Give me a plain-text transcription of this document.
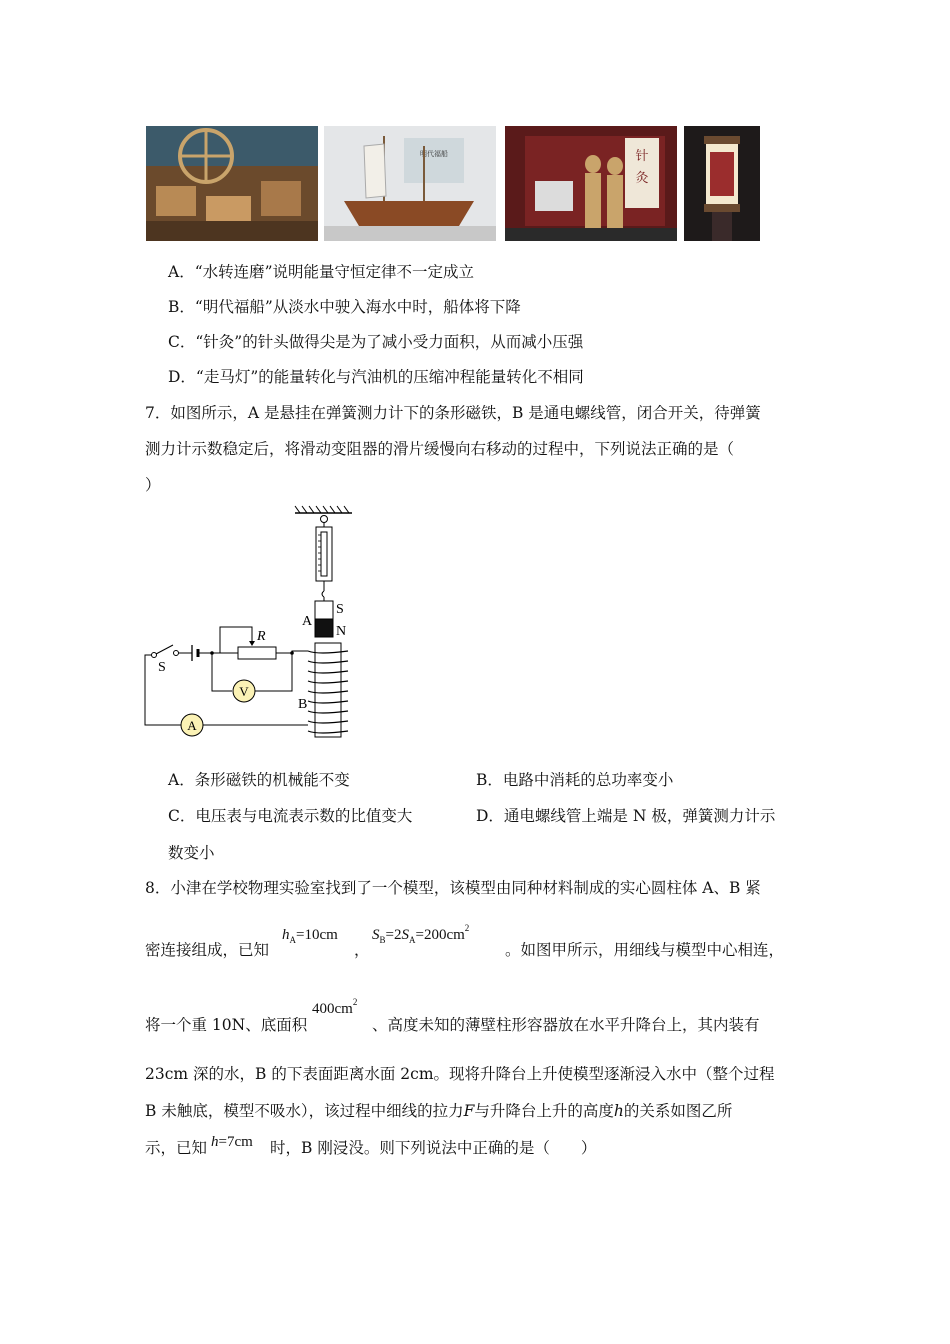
明代福船	针
灸
A．“水转连磨”说明能量守恒定律不一定成立
B．“明代福船”从淡水中驶入海水中时，船体将下降
C．“针灸”的针头做得尖是为了减小受力面积，从而减小压强
D．“走马灯”的能量转化与汽油机的压缩冲程能量转化不相同
7．如图所示，A 是悬挂在弹簧测力计下的条形磁铁，B 是通电螺线管，闭合开关，待弹簧
测力计示数稳定后，将滑动变阻器的滑片缓慢向右移动的过程中，下列说法正确的是（
）
A
S
N
B
S
R
V
A
A．条形磁铁的机械能不变	B．电路中消耗的总功率变小
C．电压表与电流表示数的比值变大	D．通电螺线管上端是 N 极，弹簧测力计示
数变小
8．小津在学校物理实验室找到了一个模型，该模型由同种材料制成的实心圆柱体 A、B 紧
密连接组成，已知
$h_A=10cm$
，
$S_B=2S_A=200cm^2$
。如图甲所示，用细线与模型中心相连，
将一个重 10N、底面积
$400cm^2$
、高度未知的薄壁柱形容器放在水平升降台上，其内装有
23cm 深的水，B 的下表面距离水面 2cm。现将升降台上升使模型逐渐浸入水中（整个过程
B 未触底，模型不吸水），该过程中细线的拉力F与升降台上升的高度h的关系如图乙所
示，已知 h=7cm 时，B 刚浸没。则下列说法中正确的是（　　）
